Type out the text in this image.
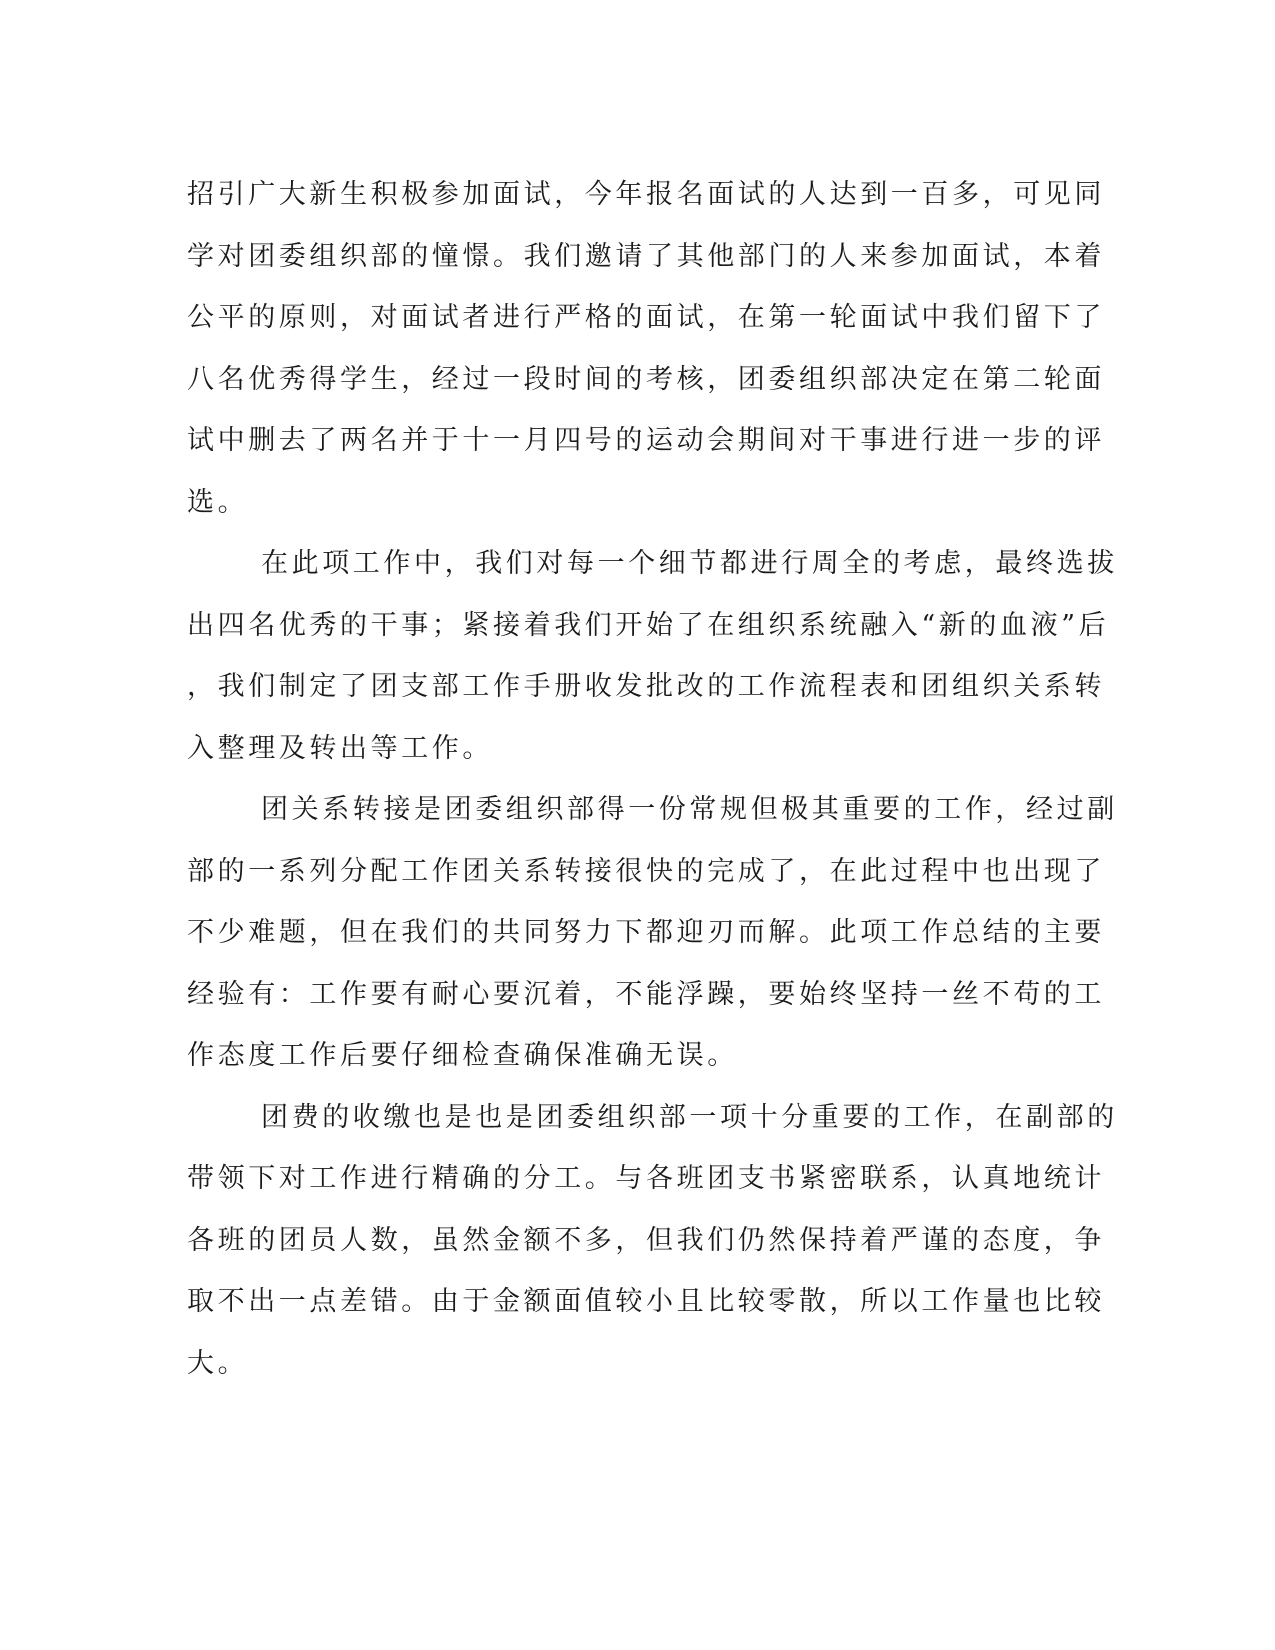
招引广大新生积极参加面试，今年报名面试的人达到一百多，可见同
学对团委组织部的憧憬。我们邀请了其他部门的人来参加面试，本着
公平的原则，对面试者进行严格的面试，在第一轮面试中我们留下了
八名优秀得学生，经过一段时间的考核，团委组织部决定在第二轮面
试中删去了两名并于十一月四号的运动会期间对干事进行进一步的评
选。
在此项工作中，我们对每一个细节都进行周全的考虑，最终选拔
出四名优秀的干事；紧接着我们开始了在组织系统融入“新的血液”后
，我们制定了团支部工作手册收发批改的工作流程表和团组织关系转
入整理及转出等工作。
团关系转接是团委组织部得一份常规但极其重要的工作，经过副
部的一系列分配工作团关系转接很快的完成了，在此过程中也出现了
不少难题，但在我们的共同努力下都迎刃而解。此项工作总结的主要
经验有：工作要有耐心要沉着，不能浮躁，要始终坚持一丝不苟的工
作态度工作后要仔细检查确保准确无误。
团费的收缴也是也是团委组织部一项十分重要的工作，在副部的
带领下对工作进行精确的分工。与各班团支书紧密联系，认真地统计
各班的团员人数，虽然金额不多，但我们仍然保持着严谨的态度，争
取不出一点差错。由于金额面值较小且比较零散，所以工作量也比较
大。
